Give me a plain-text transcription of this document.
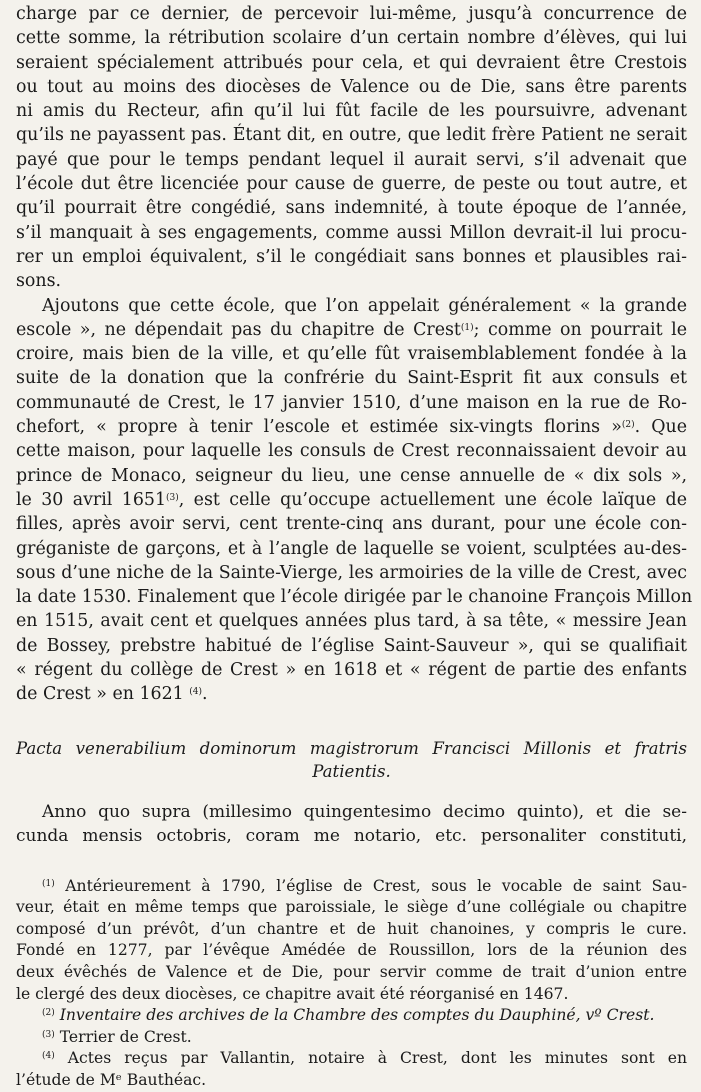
charge par ce dernier, de percevoir lui-même, jusqu’à concurrence de
cette somme, la rétribution scolaire d’un certain nombre d’élèves, qui lui
seraient spécialement attribués pour cela, et qui devraient être Crestois
ou tout au moins des diocèses de Valence ou de Die, sans être parents
ni amis du Recteur, afin qu’il lui fût facile de les poursuivre, advenant
qu’ils ne payassent pas. Étant dit, en outre, que ledit frère Patient ne serait
payé que pour le temps pendant lequel il aurait servi, s’il advenait que
l’école dut être licenciée pour cause de guerre, de peste ou tout autre, et
qu’il pourrait être congédié, sans indemnité, à toute époque de l’année,
s’il manquait à ses engagements, comme aussi Millon devrait-il lui procu-
rer un emploi équivalent, s’il le congédiait sans bonnes et plausibles rai-
sons.
Ajoutons que cette école, que l’on appelait généralement « la grande
escole », ne dépendait pas du chapitre de Crest$^{(1)}$; comme on pourrait le
croire, mais bien de la ville, et qu’elle fût vraisemblablement fondée à la
suite de la donation que la confrérie du Saint-Esprit fit aux consuls et
communauté de Crest, le 17 janvier 1510, d’une maison en la rue de Ro-
chefort, « propre à tenir l’escole et estimée six-vingts florins »$^{(2)}$. Que
cette maison, pour laquelle les consuls de Crest reconnaissaient devoir au
prince de Monaco, seigneur du lieu, une cense annuelle de « dix sols »,
le 30 avril 1651$^{(3)}$, est celle qu’occupe actuellement une école laïque de
filles, après avoir servi, cent trente-cinq ans durant, pour une école con-
gréganiste de garçons, et à l’angle de laquelle se voient, sculptées au-des-
sous d’une niche de la Sainte-Vierge, les armoiries de la ville de Crest, avec
la date 1530. Finalement que l’école dirigée par le chanoine François Millon
en 1515, avait cent et quelques années plus tard, à sa tête, « messire Jean
de Bossey, prebstre habitué de l’église Saint-Sauveur », qui se qualifiait
« régent du collège de Crest » en 1618 et « régent de partie des enfants
de Crest » en 1621 $^{(4)}$.
Pacta venerabilium dominorum magistrorum Francisci Millonis et fratris
Patientis.
Anno quo supra (millesimo quingentesimo decimo quinto), et die se-
cunda mensis octobris, coram me notario, etc. personaliter constituti,
$^{(1)}$ Antérieurement à 1790, l’église de Crest, sous le vocable de saint Sau-
veur, était en même temps que paroissiale, le siège d’une collégiale ou chapitre
composé d’un prévôt, d’un chantre et de huit chanoines, y compris le cure.
Fondé en 1277, par l’évêque Amédée de Roussillon, lors de la réunion des
deux évêchés de Valence et de Die, pour servir comme de trait d’union entre
le clergé des deux diocèses, ce chapitre avait été réorganisé en 1467.
$^{(2)}$ Inventaire des archives de la Chambre des comptes du Dauphiné, vº Crest.
$^{(3)}$ Terrier de Crest.
$^{(4)}$ Actes reçus par Vallantin, notaire à Crest, dont les minutes sont en
l’étude de Mᵉ Bauthéac.
